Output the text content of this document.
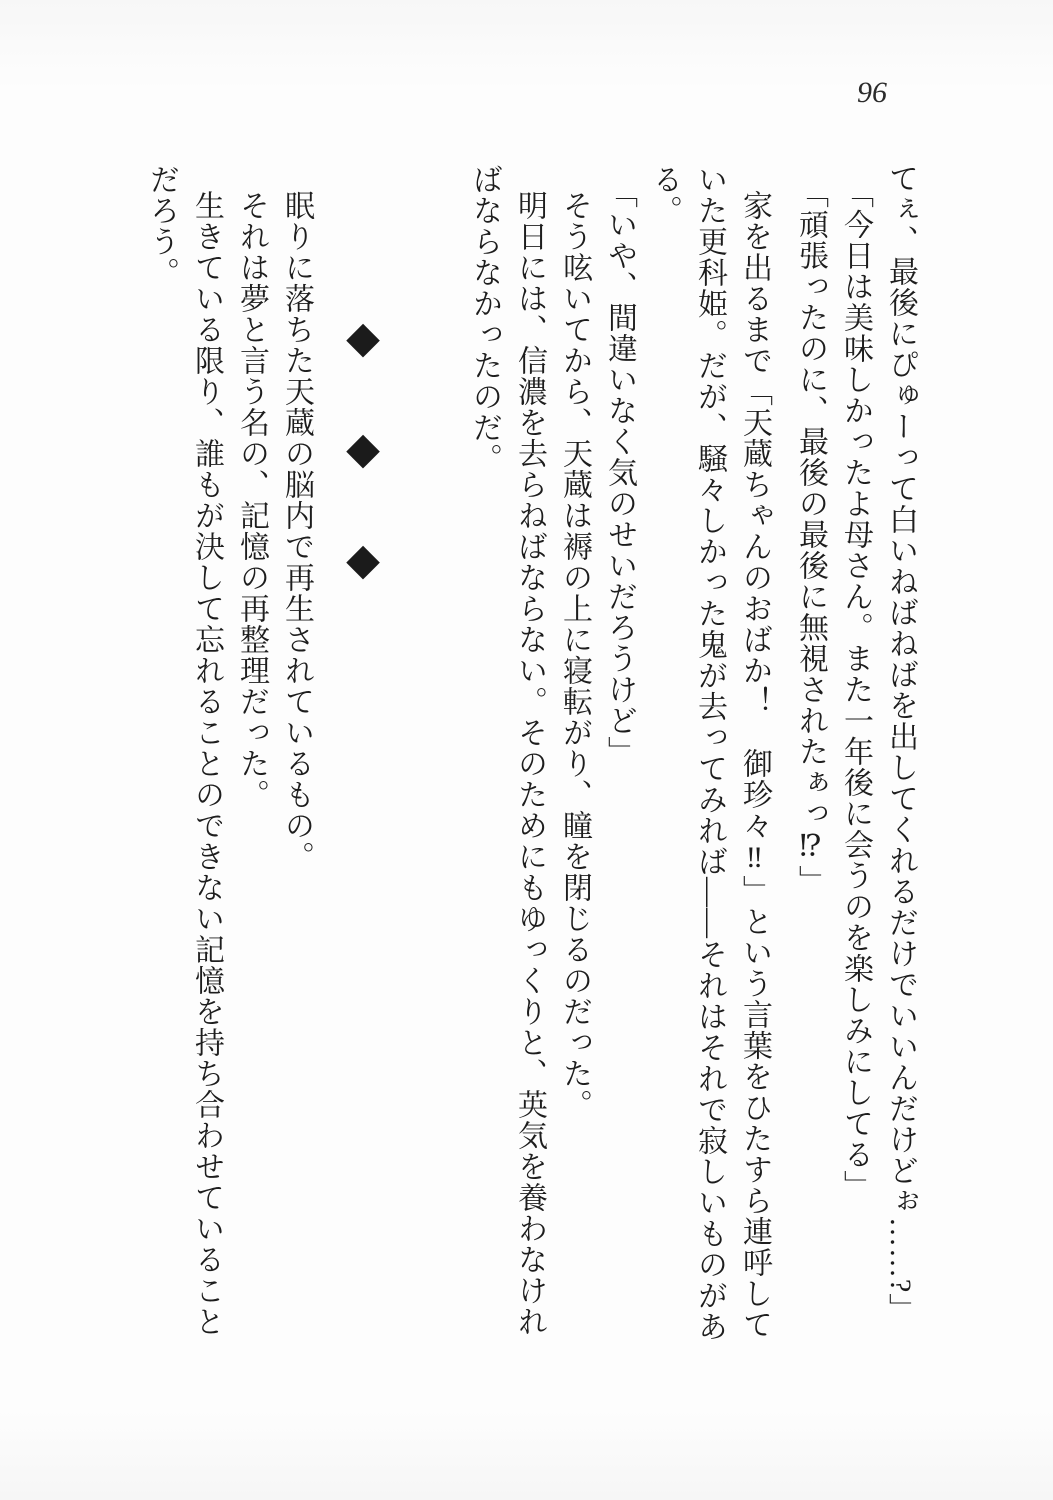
96
てぇ、最後にぴゅーって白いねばねばを出してくれるだけでいいんだけどぉ……?」
「今日は美味しかったよ母さん。また一年後に会うのを楽しみにしてる」
「頑張ったのに、最後の最後に無視されたぁっ⁉」
家を出るまで「天蔵ちゃんのおばか！　御珍々‼」という言葉をひたすら連呼して
いた更科姫。だが、騒々しかった鬼が去ってみれば——それはそれで寂しいものがあ
る。
「いや、間違いなく気のせいだろうけど」
そう呟いてから、天蔵は褥の上に寝転がり、瞳を閉じるのだった。
明日には、信濃を去らねばならない。そのためにもゆっくりと、英気を養わなけれ
ばならなかったのだ。
◆
◆
◆
眠りに落ちた天蔵の脳内で再生されているもの。
それは夢と言う名の、記憶の再整理だった。
生きている限り、誰もが決して忘れることのできない記憶を持ち合わせていること
だろう。
